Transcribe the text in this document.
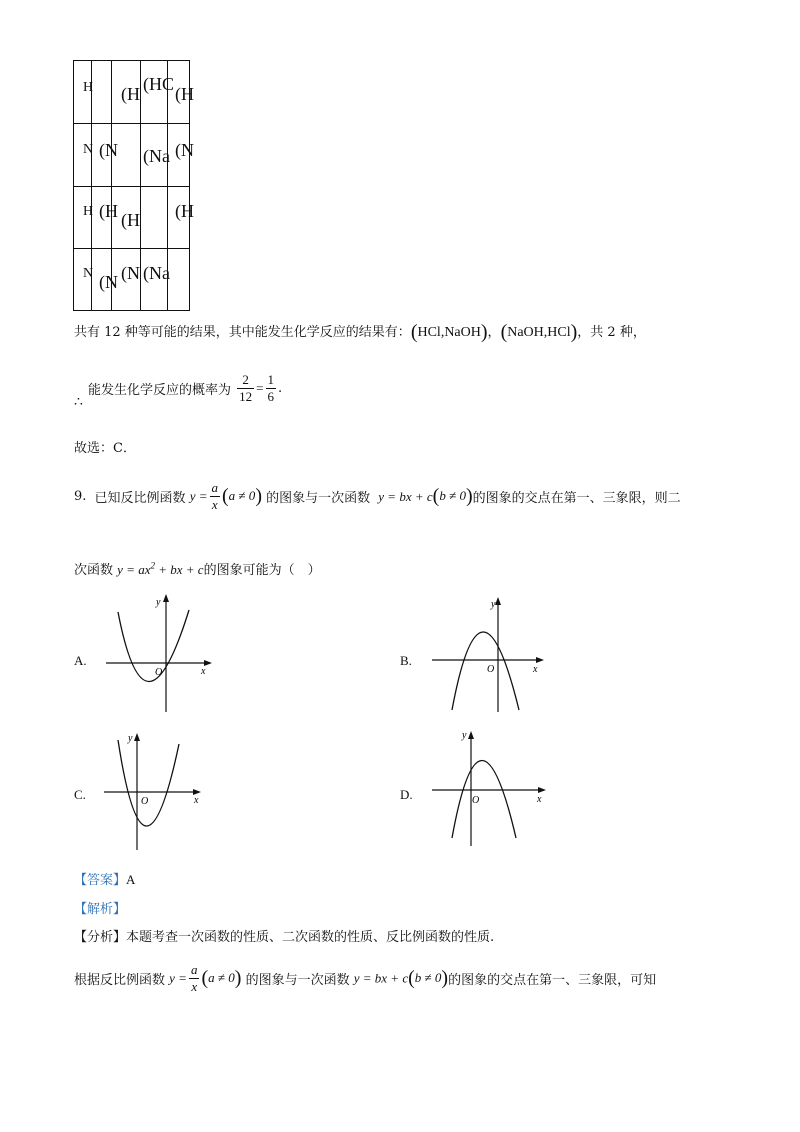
H (H (HC (H
N (N (Na (N
H (H (H (H
N (N (N (Na
共有 12 种等可能的结果，其中能发生化学反应的结果有：(HCl,NaOH)，(NaOH,HCl)，共 2 种，
∴
能发生化学反应的概率为 $\frac{2}{12} = \frac{1}{6}$ .
故选：C．
9. 已知反比例函数 $y = \frac{a}{x} (a \ne 0)$ 的图象与一次函数 y = bx + c(b ≠ 0)的图象的交点在第一、三象限，则二
次函数 $y = ax^2$ + bx + c的图象可能为（　）
A.
y
x
O
B.
y
x
O
C.
y
x
O	D.
y
x
O
【答案】A
【解析】
【分析】本题考查一次函数的性质、二次函数的性质、反比例函数的性质.
根据反比例函数 $y = \frac{a}{x} (a \ne 0)$ 的图象与一次函数 y = bx + c(b ≠ 0)的图象的交点在第一、三象限，可知
